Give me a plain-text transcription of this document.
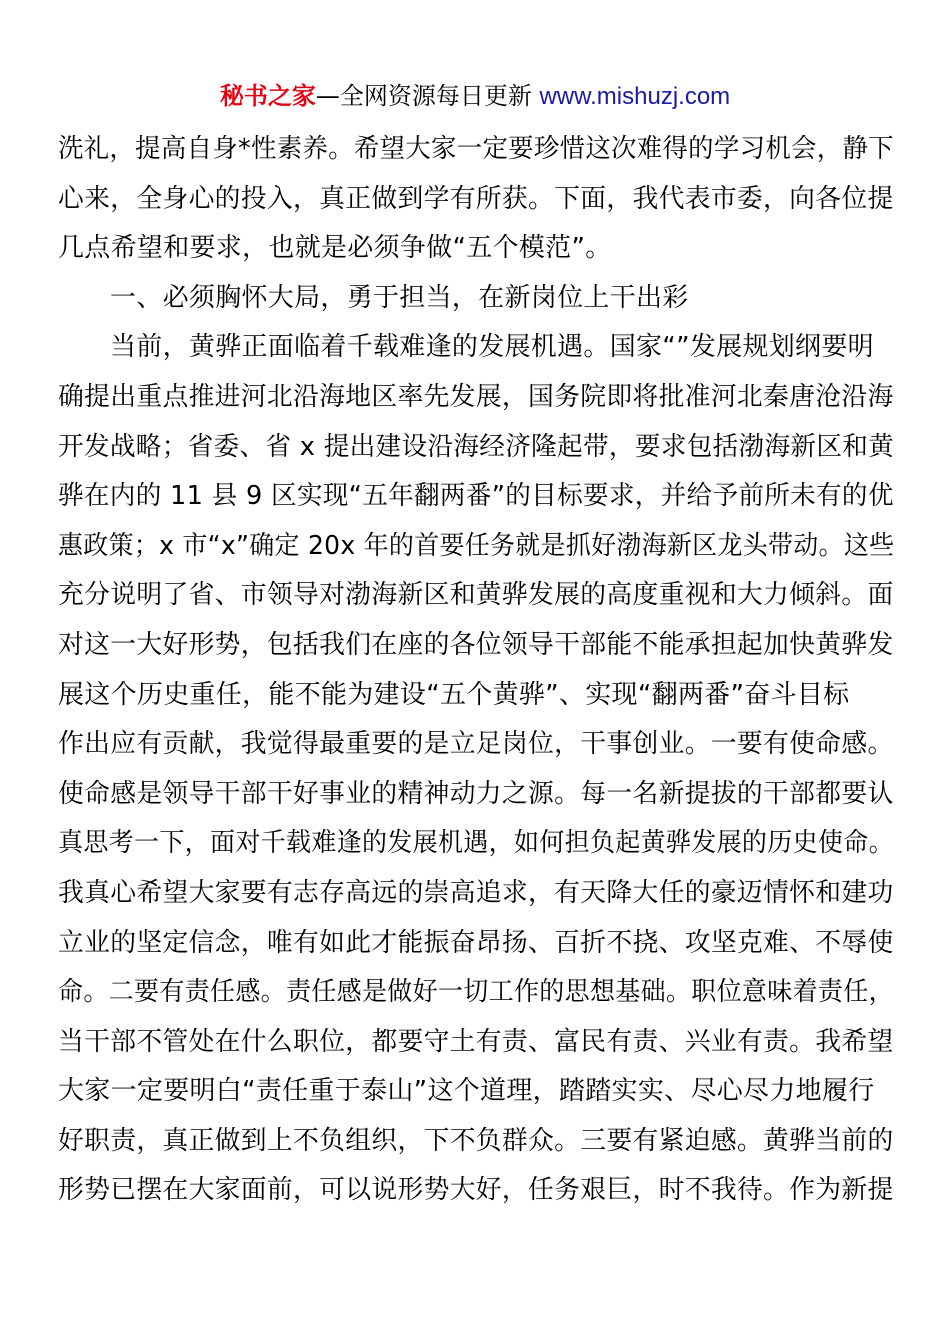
秘书之家—全网资源每日更新 www.mishuzj.com
洗礼，提高自身*性素养。希望大家一定要珍惜这次难得的学习机会，静下
心来，全身心的投入，真正做到学有所获。下面，我代表市委，向各位提
几点希望和要求，也就是必须争做“五个模范”。
一、必须胸怀大局，勇于担当，在新岗位上干出彩
当前，黄骅正面临着千载难逢的发展机遇。国家“”发展规划纲要明
确提出重点推进河北沿海地区率先发展，国务院即将批准河北秦唐沧沿海
开发战略；省委、省 x 提出建设沿海经济隆起带，要求包括渤海新区和黄
骅在内的 11 县 9 区实现“五年翻两番”的目标要求，并给予前所未有的优
惠政策；x 市“x”确定 20x 年的首要任务就是抓好渤海新区龙头带动。这些
充分说明了省、市领导对渤海新区和黄骅发展的高度重视和大力倾斜。面
对这一大好形势，包括我们在座的各位领导干部能不能承担起加快黄骅发
展这个历史重任，能不能为建设“五个黄骅”、实现“翻两番”奋斗目标
作出应有贡献，我觉得最重要的是立足岗位，干事创业。一要有使命感。
使命感是领导干部干好事业的精神动力之源。每一名新提拔的干部都要认
真思考一下，面对千载难逢的发展机遇，如何担负起黄骅发展的历史使命。
我真心希望大家要有志存高远的崇高追求，有天降大任的豪迈情怀和建功
立业的坚定信念，唯有如此才能振奋昂扬、百折不挠、攻坚克难、不辱使
命。二要有责任感。责任感是做好一切工作的思想基础。职位意味着责任，
当干部不管处在什么职位，都要守土有责、富民有责、兴业有责。我希望
大家一定要明白“责任重于泰山”这个道理，踏踏实实、尽心尽力地履行
好职责，真正做到上不负组织，下不负群众。三要有紧迫感。黄骅当前的
形势已摆在大家面前，可以说形势大好，任务艰巨，时不我待。作为新提
